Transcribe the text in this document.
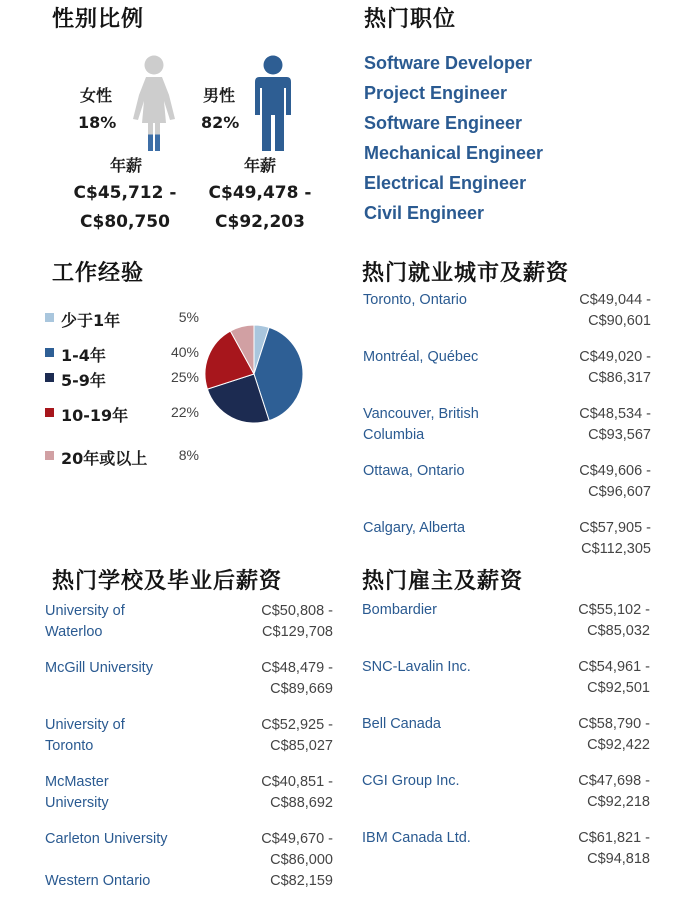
性别比例
女性
18%
男性
82%
年薪
C$45,712 -
C$80,750
年薪
C$49,478 -
C$92,203
热门职位
Software Developer
Project Engineer
Software Engineer
Mechanical Engineer
Electrical Engineer
Civil Engineer
工作经验
少于1年	5%
1-4年	40%
5-9年	25%
10-19年	22%
20年或以上	8%
热门就业城市及薪资
Toronto, Ontario	C$49,044 -
C$90,601
Montréal, Québec	C$49,020 -
C$86,317
Vancouver, British
Columbia
C$48,534 -
C$93,567
Ottawa, Ontario	C$49,606 -
C$96,607
Calgary, Alberta	C$57,905 -
C$112,305
热门学校及毕业后薪资
University of
Waterloo
C$50,808 -
C$129,708
McGill University	C$48,479 -
C$89,669
University of
Toronto
C$52,925 -
C$85,027
McMaster
University
C$40,851 -
C$88,692
Carleton University	C$49,670 -
C$86,000
Western Ontario	C$82,159
热门雇主及薪资
Bombardier	C$55,102 -
C$85,032
SNC-Lavalin Inc.	C$54,961 -
C$92,501
Bell Canada	C$58,790 -
C$92,422
CGI Group Inc.	C$47,698 -
C$92,218
IBM Canada Ltd.	C$61,821 -
C$94,818
